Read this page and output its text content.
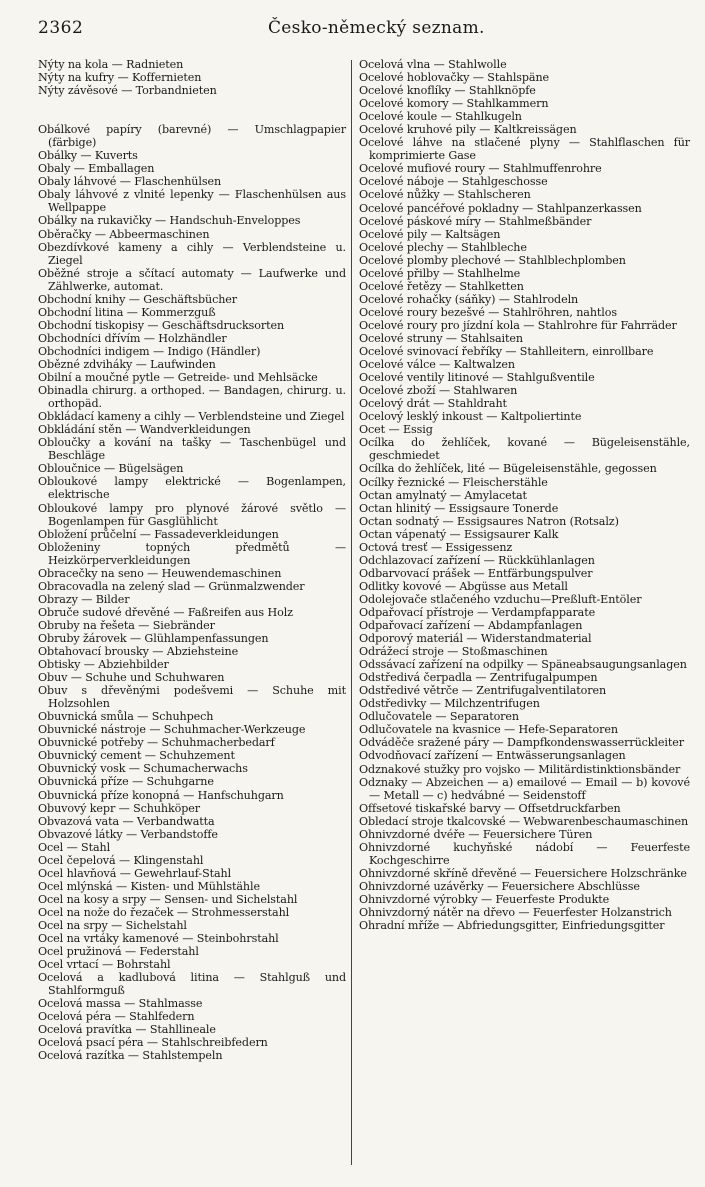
2362	Česko-německý seznam.

Nýty na kola — Radnieten

Nýty na kufry — Koffernieten

Nýty závěsové — Torbandnieten

Obálkové papíry (barevné) — Umschlagpapier (färbige)

Obálky — Kuverts

Obaly — Emballagen

Obaly láhvové — Flaschenhülsen

Obaly láhvové z vlnité lepenky — Flaschenhülsen aus Wellpappe

Obálky na rukavičky — Handschuh-Enveloppes

Oběračky — Abbeermaschinen

Obezdívkové kameny a cihly — Verblendsteine u. Ziegel

Oběžné stroje a sčítací automaty — Laufwerke und Zählwerke, automat.

Obchodní knihy — Geschäftsbücher

Obchodní litina — Kommerzguß

Obchodní tiskopisy — Geschäftsdrucksorten

Obchodníci dřívím — Holzhändler

Obchodníci indigem — Indigo (Händler)

Obězné zdviháky — Laufwinden

Obilní a moučné pytle — Getreide- und Mehlsäcke

Obinadla chirurg. a orthoped. — Bandagen, chirurg. u. orthopäd.

Obkládací kameny a cihly — Verblendsteine und Ziegel

Obkládání stěn — Wandverkleidungen

Obloučky a kování na tašky — Taschenbügel und Beschläge

Obloučnice — Bügelsägen

Obloukové lampy elektrické — Bogenlampen, elektrische

Obloukové lampy pro plynové žárové světlo — Bogenlampen für Gasglühlicht

Obložení průčelní — Fassadeverkleidungen

Obloženiny topných předmětů — Heizkörperverkleidungen

Obracečky na seno — Heuwendemaschinen

Obracovadla na zelený slad — Grünmalzwender

Obrazy — Bilder

Obruče sudové dřevěné — Faßreifen aus Holz

Obruby na řešeta — Siebränder

Obruby žárovek — Glühlampenfassungen

Obtahovací brousky — Abziehsteine

Obtisky — Abziehbilder

Obuv — Schuhe und Schuhwaren

Obuv s dřevěnými podešvemi — Schuhe mit Holzsohlen

Obuvnická smůla — Schuhpech

Obuvnické nástroje — Schuhmacher-Werkzeuge

Obuvnické potřeby — Schuhmacherbedarf

Obuvnický cement — Schuhzement

Obuvnický vosk — Schumacherwachs

Obuvnická příze — Schuhgarne

Obuvnická příze konopná — Hanfschuhgarn

Obuvový kepr — Schuhköper

Obvazová vata — Verbandwatta

Obvazové látky — Verbandstoffe

Ocel — Stahl

Ocel čepelová — Klingenstahl

Ocel hlavňová — Gewehrlauf-Stahl

Ocel mlýnská — Kisten- und Mühlstähle

Ocel na kosy a srpy — Sensen- und Sichelstahl

Ocel na nože do řezaček — Strohmesserstahl

Ocel na srpy — Sichelstahl

Ocel na vrtáky kamenové — Steinbohrstahl

Ocel pružinová — Federstahl

Ocel vrtací — Bohrstahl

Ocelová a kadlubová litina — Stahlguß und Stahlformguß

Ocelová massa — Stahlmasse

Ocelová péra — Stahlfedern

Ocelová pravítka — Stahllineale

Ocelová psací péra — Stahlschreibfedern

Ocelová razítka — Stahlstempeln

Ocelová vlna — Stahlwolle

Ocelové hoblovačky — Stahlspäne

Ocelové knoflíky — Stahlknöpfe

Ocelové komory — Stahlkammern

Ocelové koule — Stahlkugeln

Ocelové kruhové pily — Kaltkreissägen

Ocelové láhve na stlačené plyny — Stahlflaschen für komprimierte Gase

Ocelové mufiové roury — Stahlmuffenrohre

Ocelové náboje — Stahlgeschosse

Ocelové nůžky — Stahlscheren

Ocelové pancéřové pokladny — Stahlpanzerkassen

Ocelové páskové míry — Stahlmeßbänder

Ocelové pily — Kaltsägen

Ocelové plechy — Stahlbleche

Ocelové plomby plechové — Stahlblechplomben

Ocelové přilby — Stahlhelme

Ocelové řetězy — Stahlketten

Ocelové rohačky (sáňky) — Stahlrodeln

Ocelové roury bezešvé — Stahlröhren, nahtlos

Ocelové roury pro jízdní kola — Stahlrohre für Fahrräder

Ocelové struny — Stahlsaiten

Ocelové svinovací řebříky — Stahlleitern, einrollbare

Ocelové válce — Kaltwalzen

Ocelové ventily litinové — Stahlgußventile

Ocelové zboží — Stahlwaren

Ocelový drát — Stahldraht

Ocelový lesklý inkoust — Kaltpoliertinte

Ocet — Essig

Ocílka do žehlíček, kované — Bügeleisenstähle, geschmiedet

Ocílka do žehlíček, lité — Bügeleisenstähle, gegossen

Ocílky řeznické — Fleischerstähle

Octan amylnatý — Amylacetat

Octan hlinitý — Essigsaure Tonerde

Octan sodnatý — Essigsaures Natron (Rotsalz)

Octan vápenatý — Essigsaurer Kalk

Octová tresť — Essigessenz

Odchlazovací zařízení — Rückkühlanlagen

Odbarvovací prášek — Entfärbungspulver

Odlitky kovové — Abgüsse aus Metall

Odolejovače stlačeného vzduchu—Preßluft-Entöler

Odpařovací přístroje — Verdampfapparate

Odpařovací zařízení — Abdampfanlagen

Odporový materiál — Widerstandmaterial

Odrážecí stroje — Stoßmaschinen

Odssávací zařízení na odpilky — Späneabsaugungsanlagen

Odstředivá čerpadla — Zentrifugalpumpen

Odstředivé větrče — Zentrifugalventilatoren

Odstředivky — Milchzentrifugen

Odlučovatele — Separatoren

Odlučovatele na kvasnice — Hefe-Separatoren

Odváděče sražené páry — Dampfkondenswasserrückleiter

Odvodňovací zařízení — Entwässerungsanlagen

Odznakové stužky pro vojsko — Militärdistinktionsbänder

Odznaky — Abzeichen — a) emailové — Email — b) kovové — Metall — c) hedvábné — Seidenstoff

Offsetové tiskařské barvy — Offsetdruckfarben

Obledací stroje tkalcovské — Webwarenbeschaumaschinen

Ohnivzdorné dvéře — Feuersichere Türen

Ohnivzdorné kuchyňské nádobí — Feuerfeste Kochgeschirre

Ohnivzdorné skříně dřevěné — Feuersichere Holzschränke

Ohnivzdorné uzávěrky — Feuersichere Abschlüsse

Ohnivzdorné výrobky — Feuerfeste Produkte

Ohnivzdorný nátěr na dřevo — Feuerfester Holzanstrich

Ohradní mříže — Abfriedungsgitter, Einfriedungsgitter
